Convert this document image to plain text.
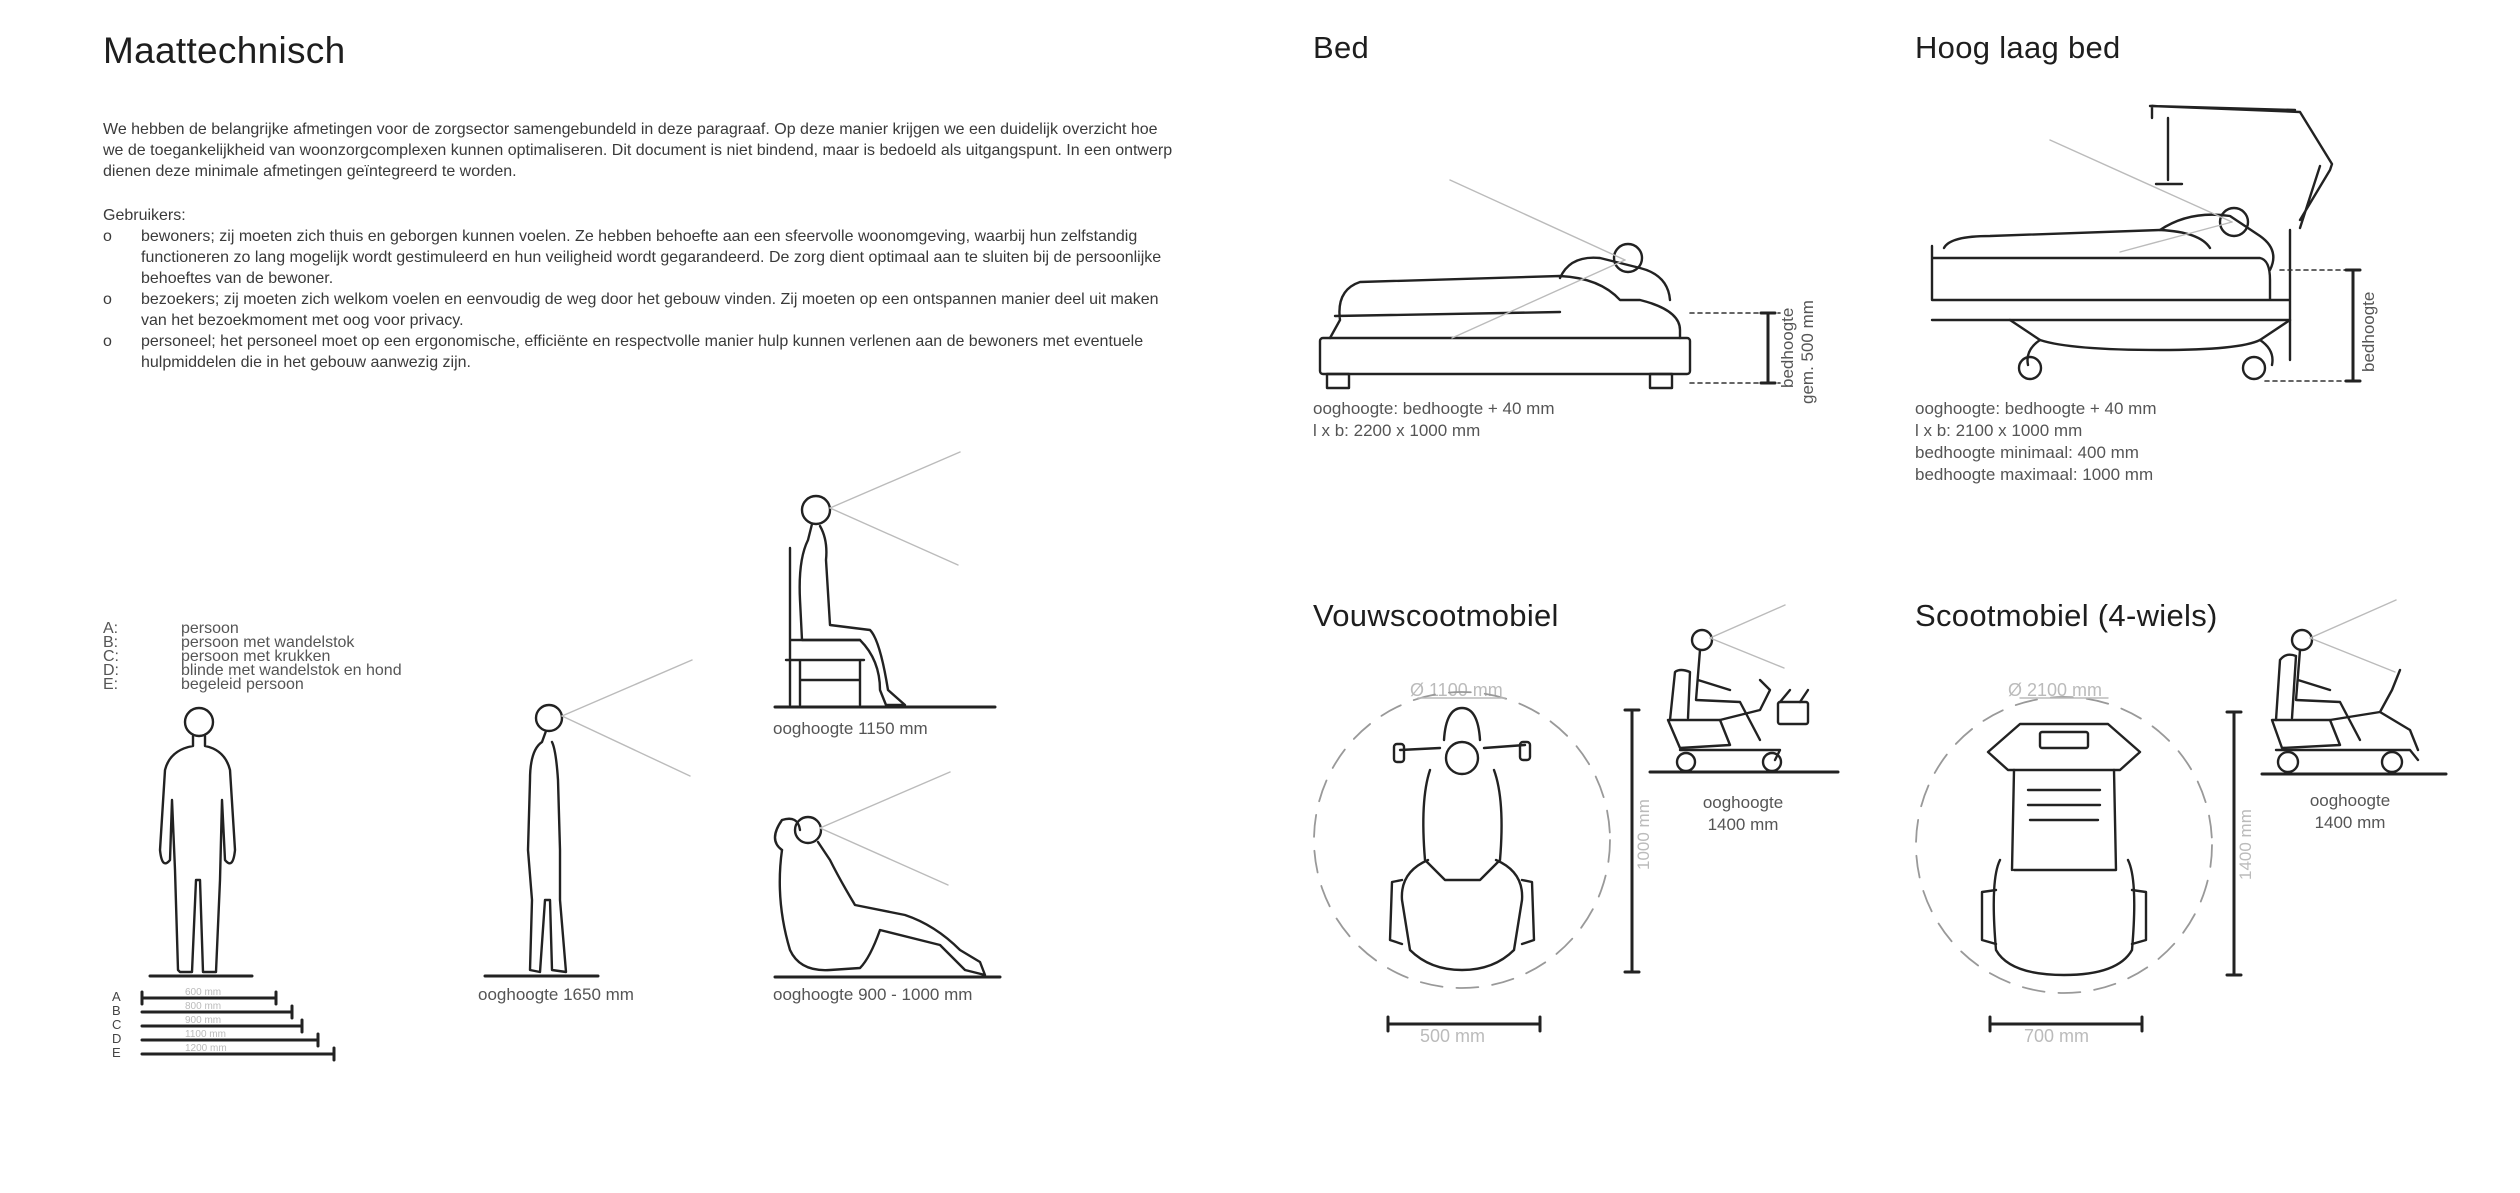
Maattechnisch
We hebben de belangrijke afmetingen voor de zorgsector samengebundeld in deze paragraaf. Op deze manier krijgen we een duidelijk overzicht hoe we de toegankelijkheid van woonzorgcomplexen kunnen optimaliseren. Dit document is niet bindend, maar is bedoeld als uitgangspunt. In een ontwerp dienen deze minimale afmetingen geïntegreerd te worden.
Gebruikers:
o bewoners; zij moeten zich thuis en geborgen kunnen voelen. Ze hebben behoefte aan een sfeervolle woonomgeving, waarbij hun zelfstandig functioneren zo lang mogelijk wordt gestimuleerd en hun veiligheid wordt gegarandeerd. De zorg dient optimaal aan te sluiten bij de persoonlijke behoeftes van de bewoner.
o bezoekers; zij moeten zich welkom voelen en eenvoudig de weg door het gebouw vinden. Zij moeten op een ontspannen manier deel uit maken van het bezoekmoment met oog voor privacy.
o personeel; het personeel moet op een ergonomische, efficiënte en respectvolle manier hulp kunnen verlenen aan de bewoners met eventuele hulpmiddelen die in het gebouw aanwezig zijn.
A:	persoon
B:	persoon met wandelstok
C:	persoon met krukken
D:	blinde met wandelstok en hond
E:	begeleid persoon
A
B
C
D
E
600 mm
800 mm
900 mm
1100 mm
1200 mm
ooghoogte 1650 mm
ooghoogte 1150 mm
ooghoogte 900 - 1000 mm
Bed	Hoog laag bed
ooghoogte: bedhoogte + 40 mm
l x b: 2200 x 1000 mm
bedhoogte gem. 500 mm
ooghoogte: bedhoogte + 40 mm
l x b: 2100 x 1000 mm
bedhoogte minimaal: 400 mm
bedhoogte maximaal: 1000 mm
bedhoogte
Vouwscootmobiel	Scootmobiel (4-wiels)
Ø 1100 mm
1000 mm
500 mm
ooghoogte
1400 mm
Ø 2100 mm
1400 mm
700 mm
ooghoogte
1400 mm
